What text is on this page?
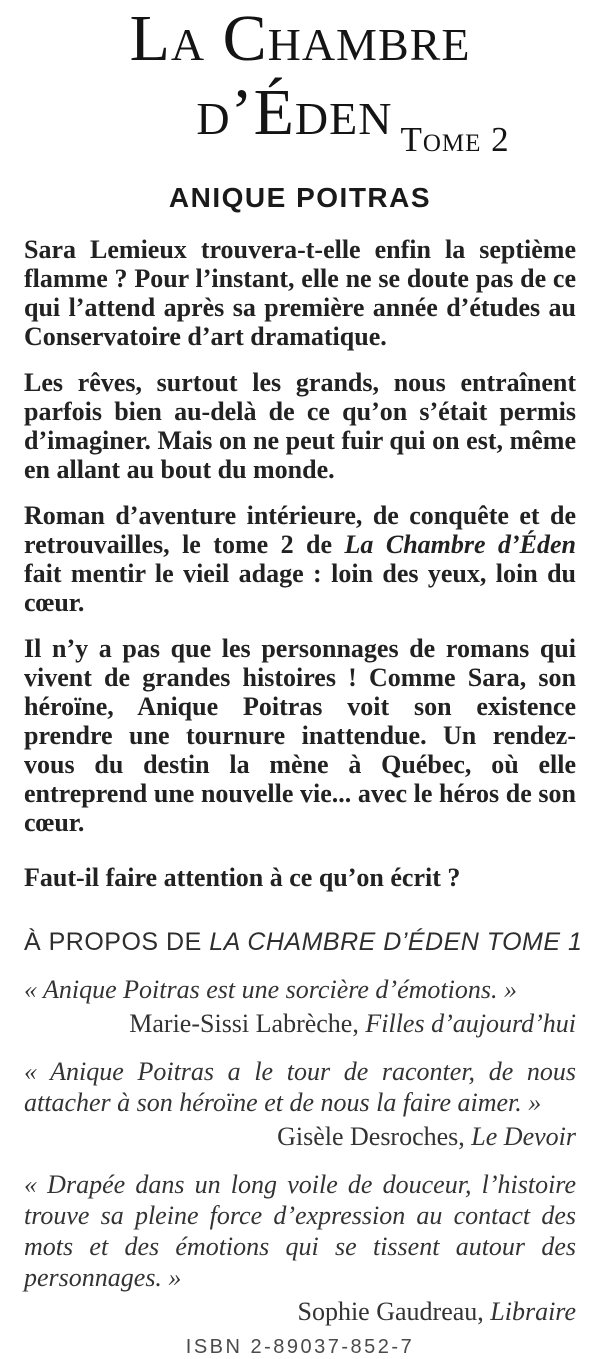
La Chambre
d’Éden Tome 2
ANIQUE POITRAS

Sara Lemieux trouvera-t-elle enfin la septième flamme ? Pour l’instant, elle ne se doute pas de ce qui l’attend après sa première année d’études au Conservatoire d’art dramatique.

Les rêves, surtout les grands, nous entraînent parfois bien au-delà de ce qu’on s’était permis d’imaginer. Mais on ne peut fuir qui on est, même en allant au bout du monde.

Roman d’aventure intérieure, de conquête et de retrouvailles, le tome 2 de La Chambre d’Éden fait mentir le vieil adage : loin des yeux, loin du cœur.

Il n’y a pas que les personnages de romans qui vivent de grandes histoires ! Comme Sara, son héroïne, Anique Poitras voit son existence prendre une tournure inattendue. Un rendez-vous du destin la mène à Québec, où elle entreprend une nouvelle vie... avec le héros de son cœur.

Faut-il faire attention à ce qu’on écrit ?

À PROPOS DE LA CHAMBRE D’ÉDEN TOME 1

« Anique Poitras est une sorcière d’émotions. »

Marie-Sissi Labrèche, Filles d’aujourd’hui

« Anique Poitras a le tour de raconter, de nous attacher à son héroïne et de nous la faire aimer. »

Gisèle Desroches, Le Devoir

« Drapée dans un long voile de douceur, l’histoire trouve sa pleine force d’expression au contact des mots et des émotions qui se tissent autour des personnages. »

Sophie Gaudreau, Libraire

ISBN 2-89037-852-7
